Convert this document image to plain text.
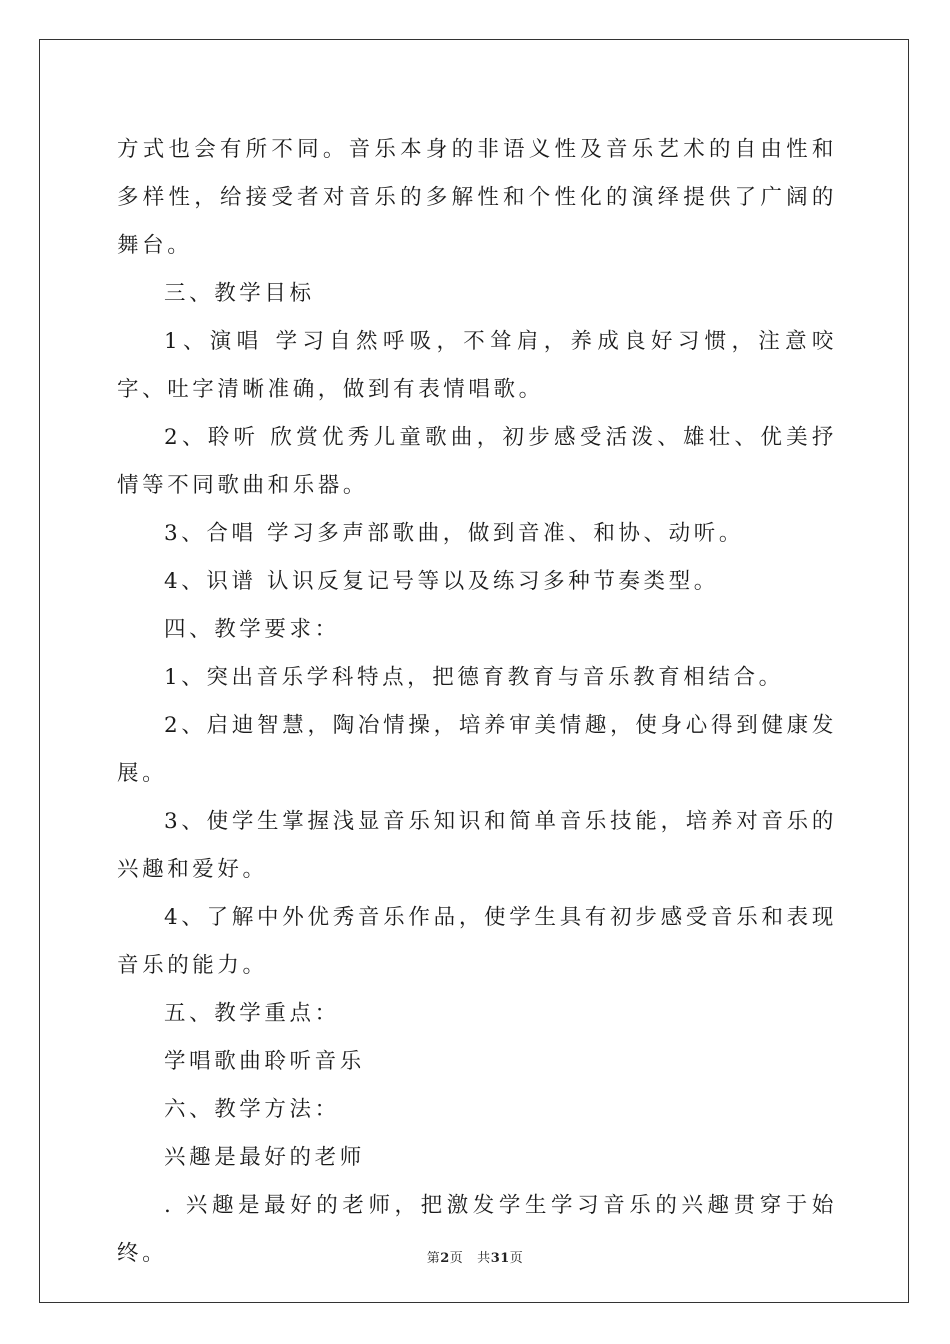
方式也会有所不同。音乐本身的非语义性及音乐艺术的自由性和多样性，给接受者对音乐的多解性和个性化的演绎提供了广阔的舞台。

三、教学目标

1、演唱 学习自然呼吸，不耸肩，养成良好习惯，注意咬字、吐字清晰准确，做到有表情唱歌。

2、聆听 欣赏优秀儿童歌曲，初步感受活泼、雄壮、优美抒情等不同歌曲和乐器。

3、合唱 学习多声部歌曲，做到音准、和协、动听。

4、识谱 认识反复记号等以及练习多种节奏类型。

四、教学要求：

1、突出音乐学科特点，把德育教育与音乐教育相结合。

2、启迪智慧，陶冶情操，培养审美情趣，使身心得到健康发展。

3、使学生掌握浅显音乐知识和简单音乐技能，培养对音乐的兴趣和爱好。

4、了解中外优秀音乐作品，使学生具有初步感受音乐和表现音乐的能力。

五、教学重点：

学唱歌曲聆听音乐

六、教学方法：

兴趣是最好的老师

. 兴趣是最好的老师，把激发学生学习音乐的兴趣贯穿于始终。	第2页 共31页
